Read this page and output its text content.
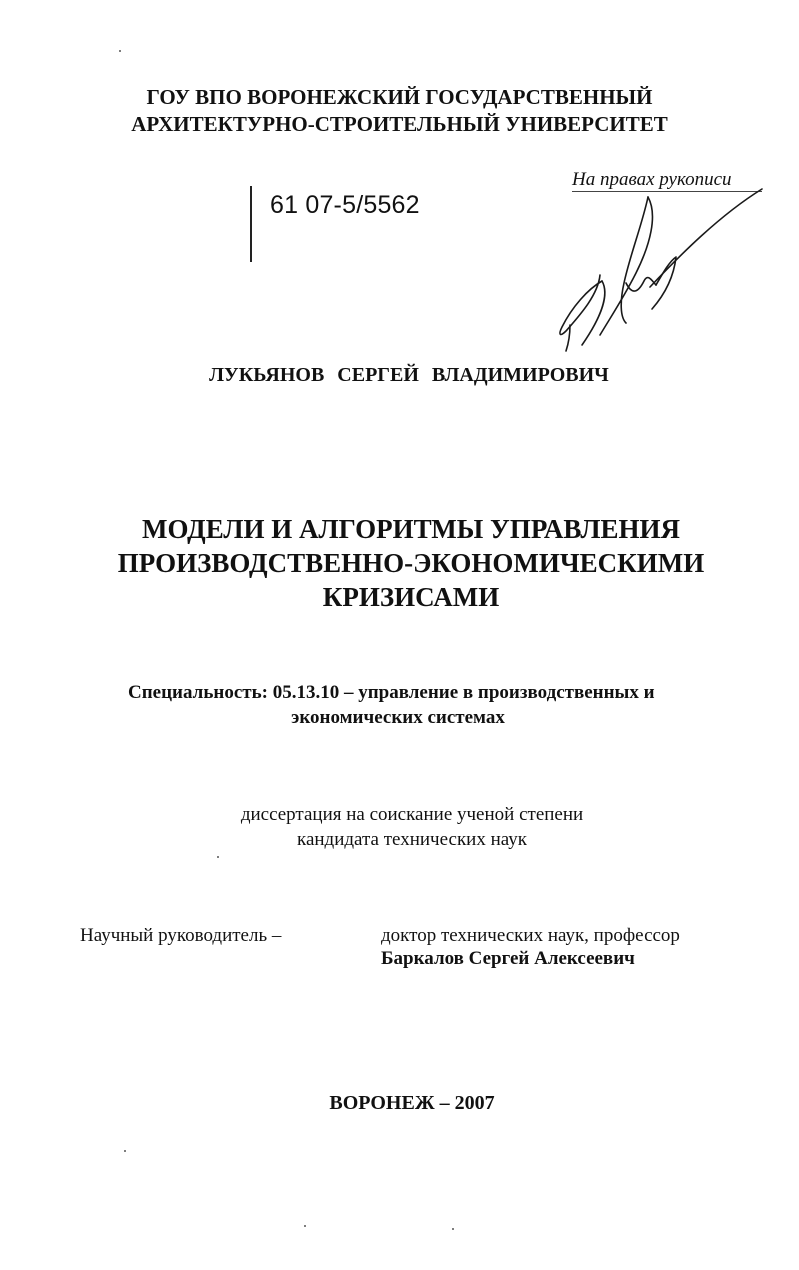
ГОУ ВПО ВОРОНЕЖСКИЙ ГОСУДАРСТВЕННЫЙ
АРХИТЕКТУРНО-СТРОИТЕЛЬНЫЙ УНИВЕРСИТЕТ
61 07-5/5562
На правах рукописи
ЛУКЬЯНОВ СЕРГЕЙ ВЛАДИМИРОВИЧ
МОДЕЛИ И АЛГОРИТМЫ УПРАВЛЕНИЯ
ПРОИЗВОДСТВЕННО-ЭКОНОМИЧЕСКИМИ
КРИЗИСАМИ
Специальность: 05.13.10 – управление в производственных и
экономических системах
диссертация на соискание ученой степени
кандидата технических наук
Научный руководитель –	доктор технических наук, профессор
Баркалов Сергей Алексеевич
ВОРОНЕЖ – 2007
